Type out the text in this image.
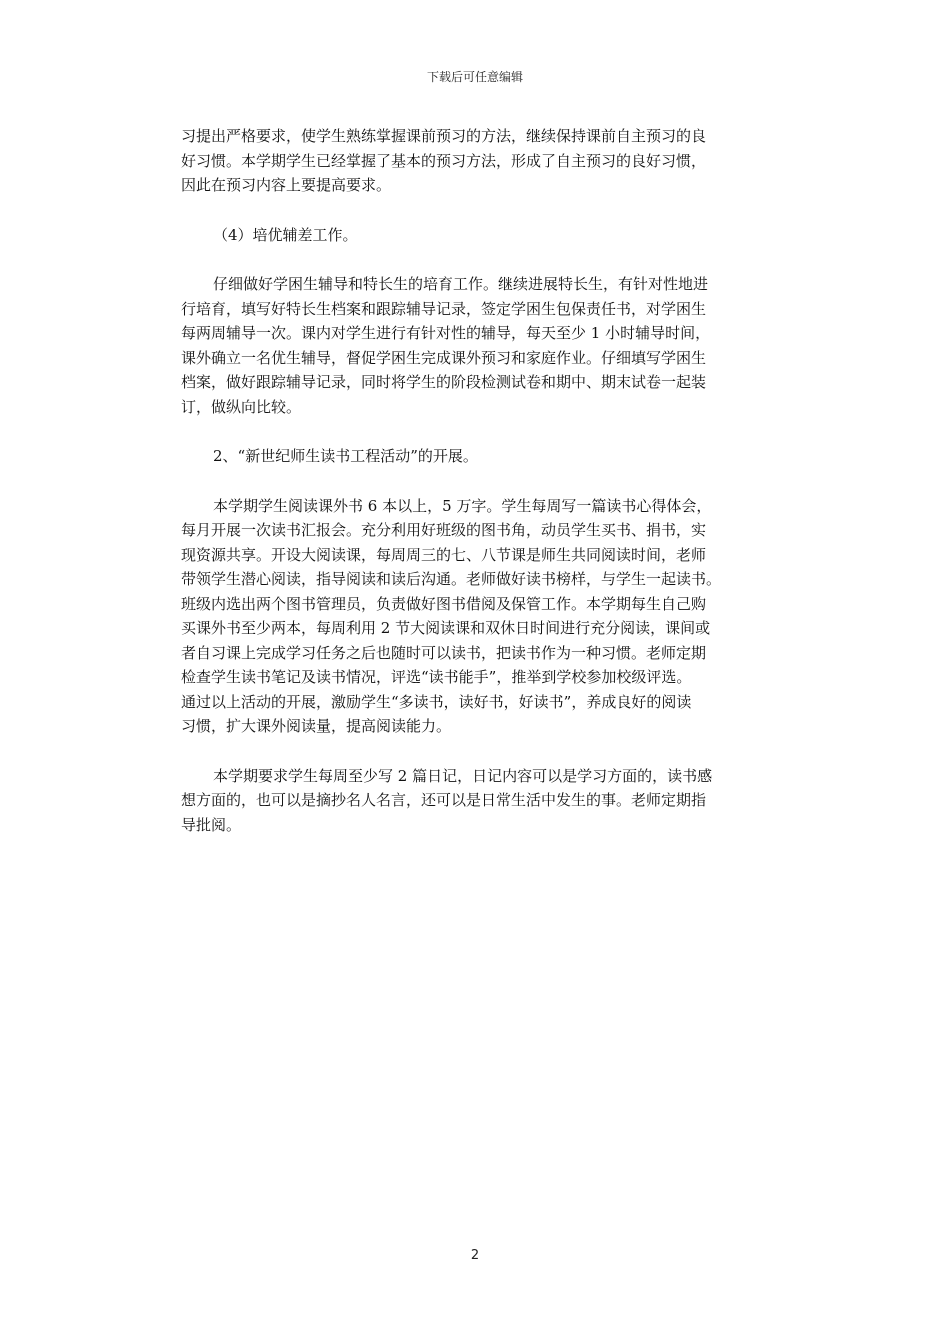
下载后可任意编辑
习提出严格要求，使学生熟练掌握课前预习的方法，继续保持课前自主预习的良
好习惯。本学期学生已经掌握了基本的预习方法，形成了自主预习的良好习惯，
因此在预习内容上要提高要求。
（4）培优辅差工作。
仔细做好学困生辅导和特长生的培育工作。继续进展特长生，有针对性地进
行培育，填写好特长生档案和跟踪辅导记录，签定学困生包保责任书，对学困生
每两周辅导一次。课内对学生进行有针对性的辅导，每天至少 1 小时辅导时间，
课外确立一名优生辅导，督促学困生完成课外预习和家庭作业。仔细填写学困生
档案，做好跟踪辅导记录，同时将学生的阶段检测试卷和期中、期末试卷一起装
订，做纵向比较。
2、“新世纪师生读书工程活动”的开展。
本学期学生阅读课外书 6 本以上，5 万字。学生每周写一篇读书心得体会，
每月开展一次读书汇报会。充分利用好班级的图书角，动员学生买书、捐书，实
现资源共享。开设大阅读课，每周周三的七、八节课是师生共同阅读时间，老师
带领学生潜心阅读，指导阅读和读后沟通。老师做好读书榜样，与学生一起读书。
班级内选出两个图书管理员，负责做好图书借阅及保管工作。本学期每生自己购
买课外书至少两本，每周利用 2 节大阅读课和双休日时间进行充分阅读，课间或
者自习课上完成学习任务之后也随时可以读书，把读书作为一种习惯。老师定期
检查学生读书笔记及读书情况，评选“读书能手”，推举到学校参加校级评选。
通过以上活动的开展，激励学生“多读书，读好书，好读书”，养成良好的阅读
习惯，扩大课外阅读量，提高阅读能力。
本学期要求学生每周至少写 2 篇日记，日记内容可以是学习方面的，读书感
想方面的，也可以是摘抄名人名言，还可以是日常生活中发生的事。老师定期指
导批阅。
2
